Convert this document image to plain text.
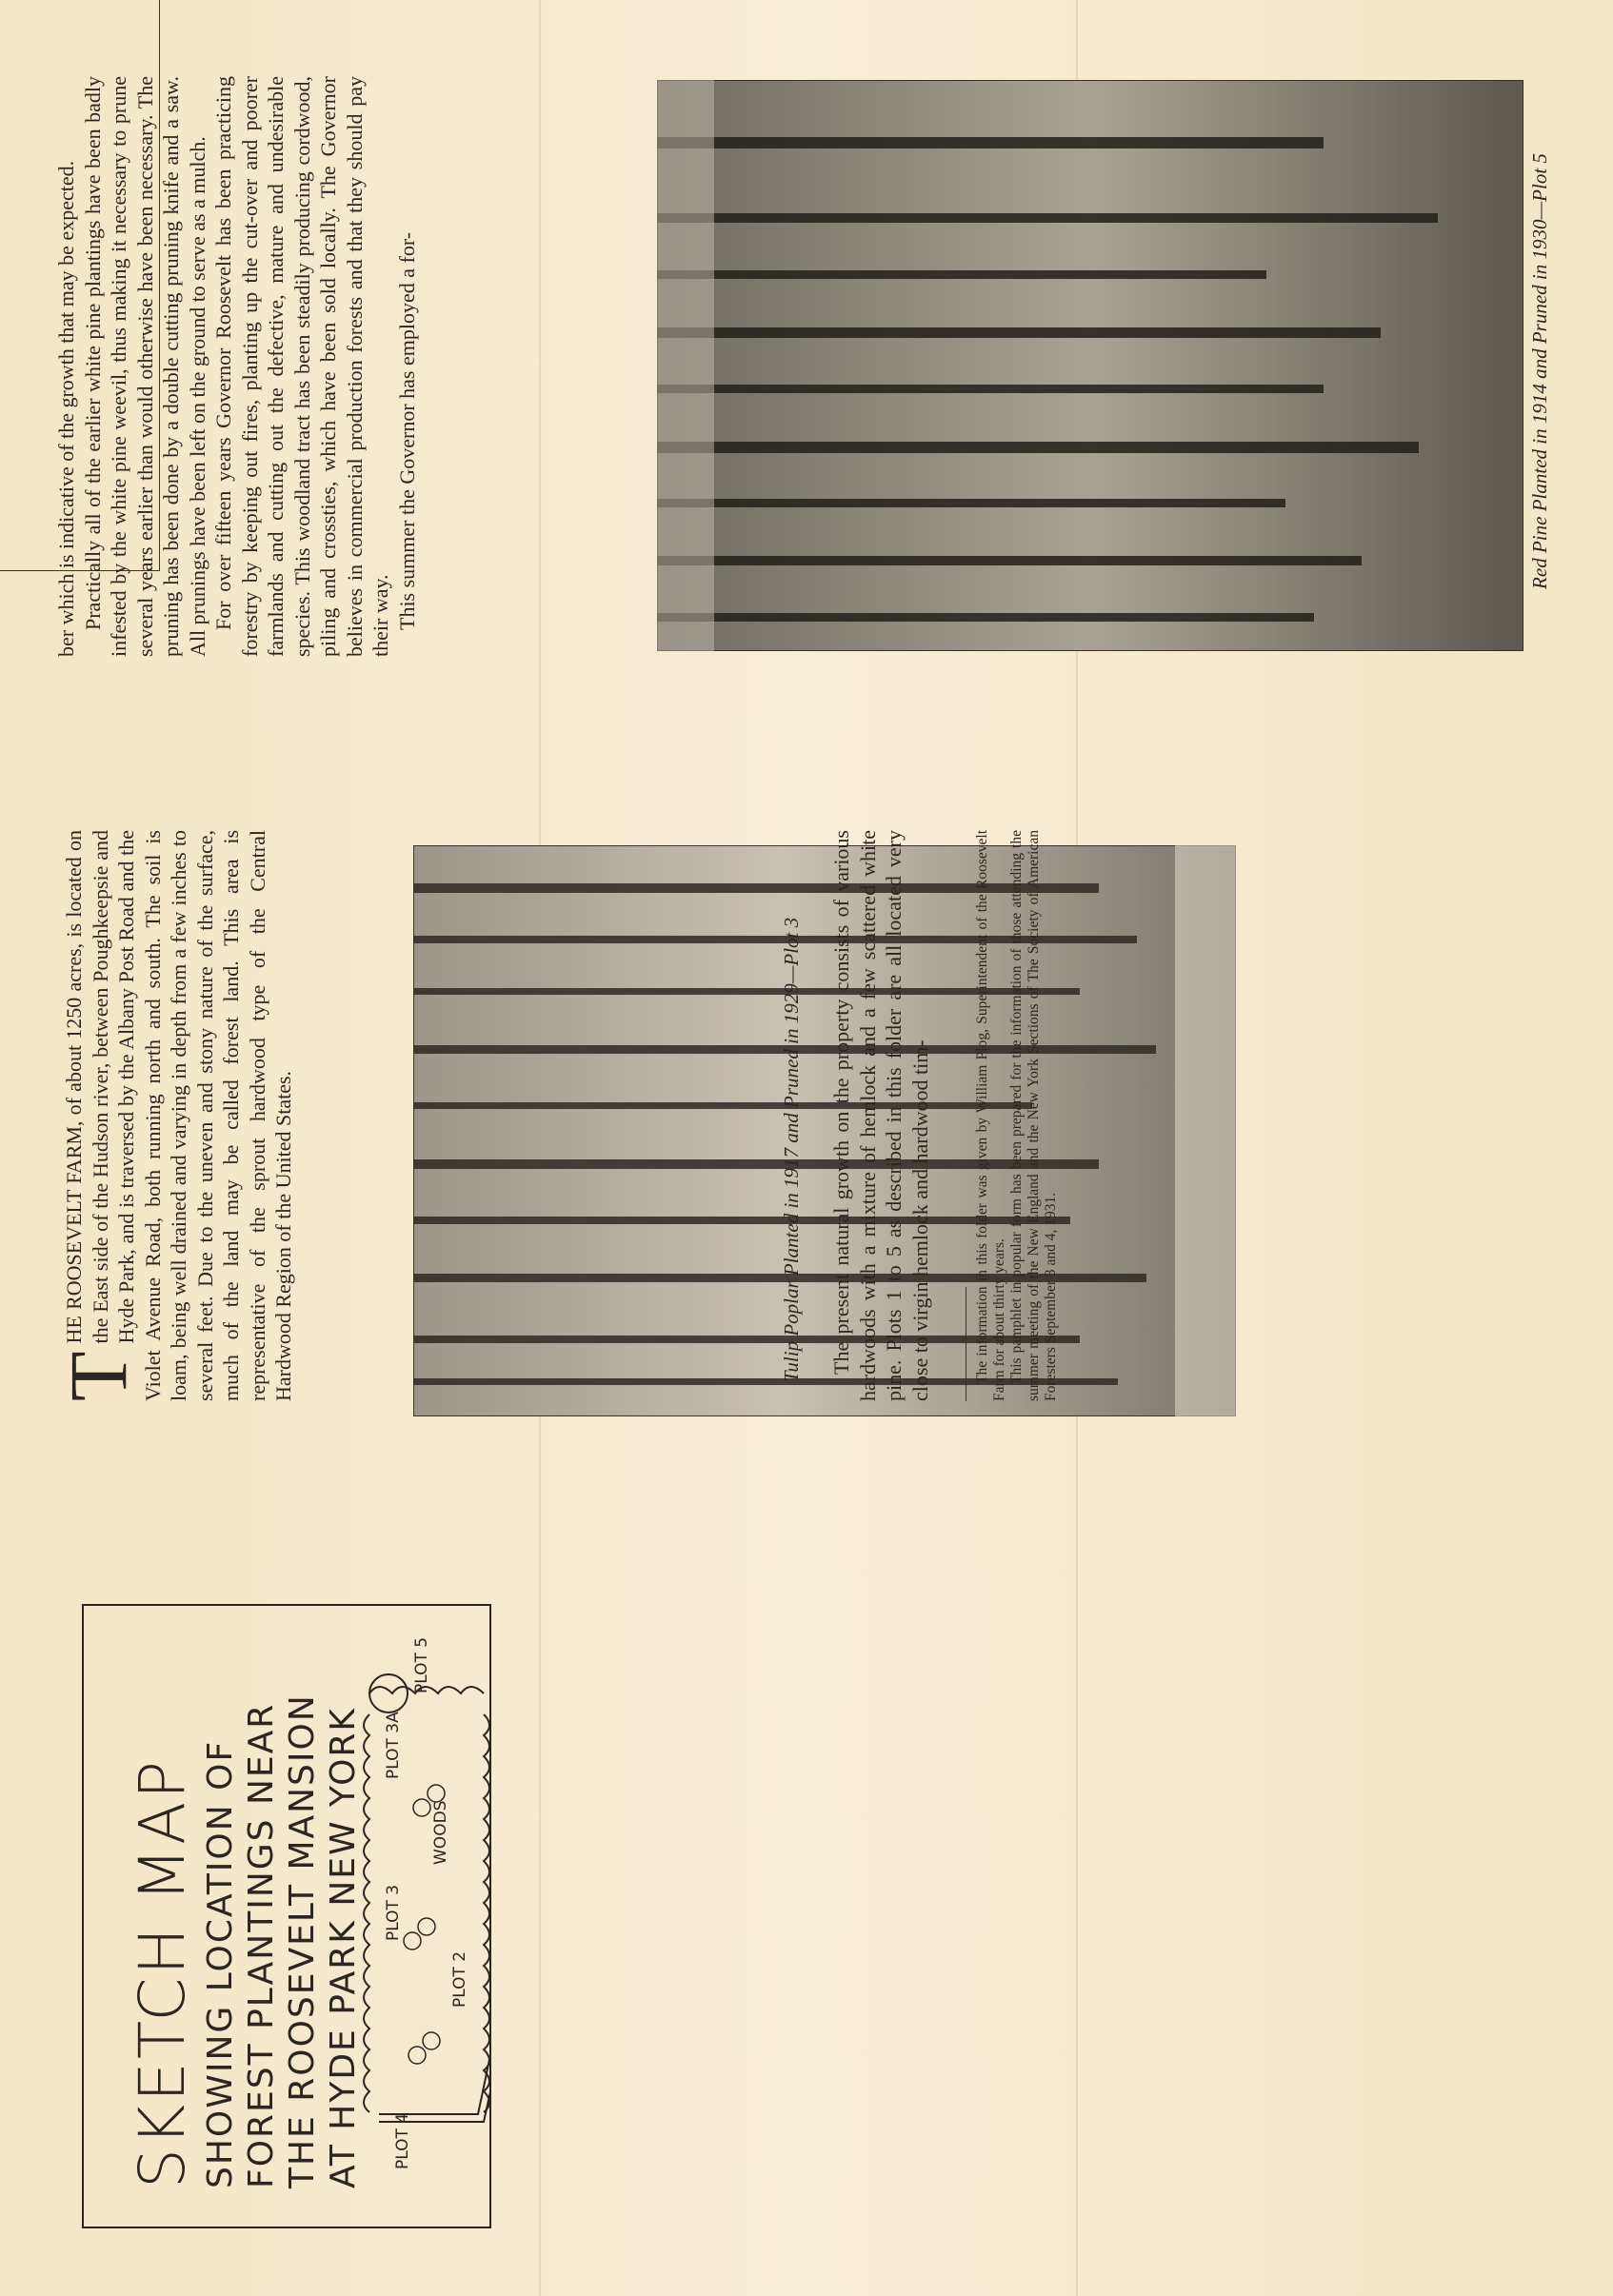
SKETCH MAP SHOWING LOCATION OF FOREST PLANTINGS NEAR THE ROOSEVELT MANSION AT HYDE PARK NEW YORK
PLOT 5
PLOT 3A
PLOT 3
PLOT 2
PLOT 4
WOODS

T
HE ROOSEVELT FARM, of about 1250 acres, is located on the East side of the Hudson river, between Poughkeepsie and Hyde Park, and is traversed by the Albany Post Road and the Violet Avenue Road, both running north and south. The soil is loam, being well drained and varying in depth from a few inches to several feet. Due to the uneven and stony nature of the surface, much of the land may be called forest land. This area is representative of the sprout hardwood type of the Central Hardwood Region of the United States.	Tulip Poplar Planted in 1917 and Pruned in 1929—Plot 3 The present natural growth on the property consists of various hardwoods with a mixture of hemlock and a few scattered white pine. Plots 1 to 5 as described in this folder are all located very close to virgin hemlock and hardwood tim-	The information in this folder was given by William Plog, Superintendent of the Roosevelt Farm for about thirty years. This pamphlet in popular form has been prepared for the information of those attending the summer meeting of the New England and the New York Sections of The Society of American Foresters September 3 and 4, 1931.

ber which is indicative of the growth that may be expected. Practically all of the earlier white pine plantings have been badly infested by the white pine weevil, thus making it necessary to prune several years earlier than would otherwise have been necessary. The pruning has been done by a double cutting pruning knife and a saw. All prunings have been left on the ground to serve as a mulch. For over fifteen years Governor Roosevelt has been practicing forestry by keeping out fires, planting up the cut-over and poorer farmlands and cutting out the defective, mature and undesirable species. This woodland tract has been steadily producing cordwood, piling and crossties, which have been sold locally. The Governor believes in commercial production forests and that they should pay their way. This summer the Governor has employed a for-	Red Pine Planted in 1914 and Pruned in 1930—Plot 5
